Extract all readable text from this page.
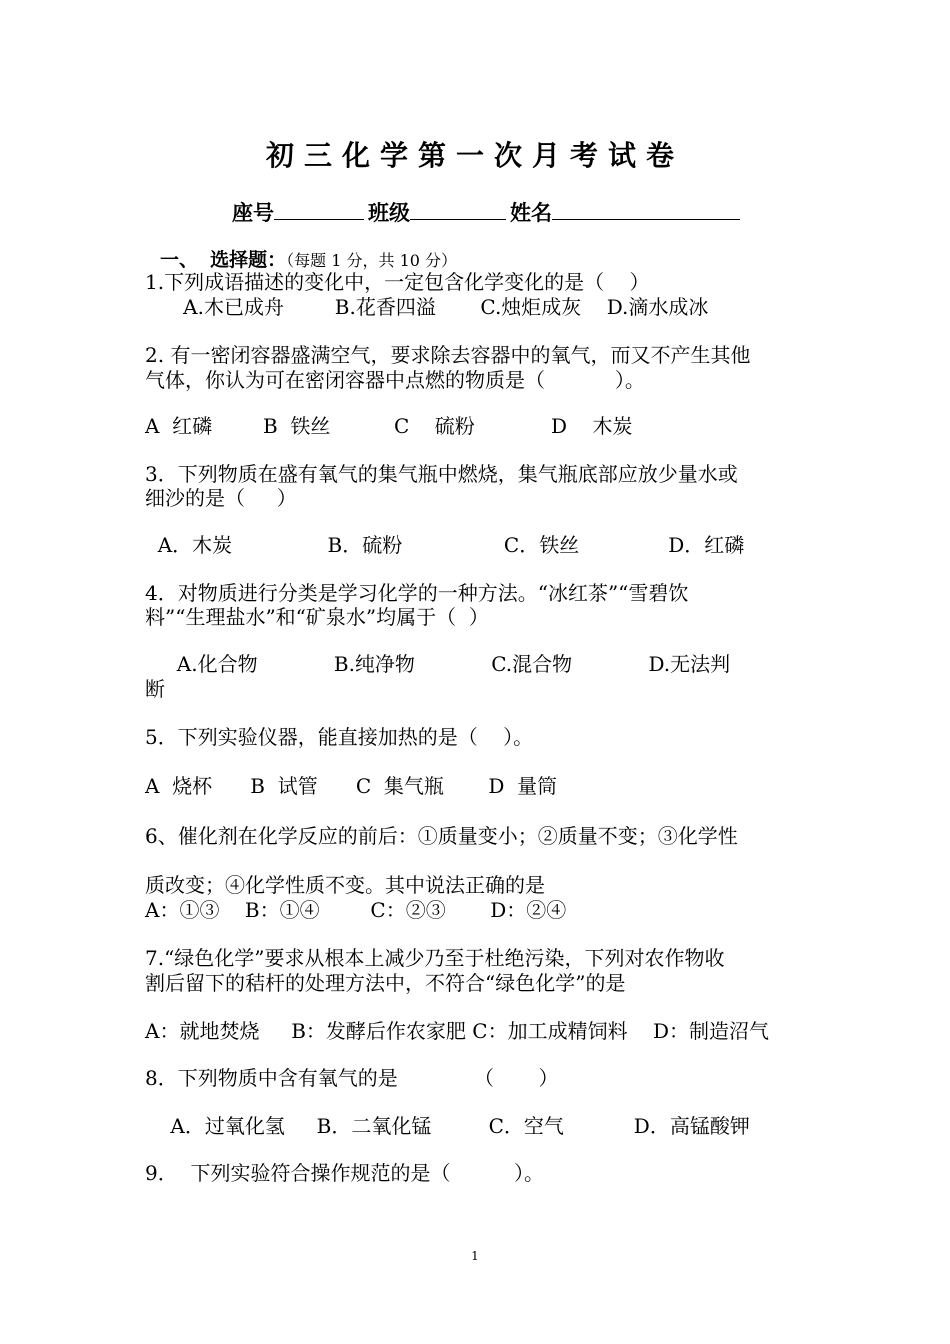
初三化学第一次月考试卷
座号	班级	姓名
一、 选择题：（每题 1 分，共 10 分）
1.下列成语描述的变化中，一定包含化学变化的是（    ）
A.木已成舟        B.花香四溢       C.烛炬成灰    D.滴水成冰
2. 有一密闭容器盛满空气，要求除去容器中的氧气，而又不产生其他
气体，你认为可在密闭容器中点燃的物质是（           ）。
A  红磷        B  铁丝          C    硫粉            D    木炭
3．下列物质在盛有氧气的集气瓶中燃烧，集气瓶底部应放少量水或
细沙的是（     ）
A．木炭               B．硫粉                C．铁丝              D．红磷
4．对物质进行分类是学习化学的一种方法。“冰红茶”“雪碧饮
料”“生理盐水”和“矿泉水”均属于（  ）
A.化合物            B.纯净物            C.混合物            D.无法判
断
5．下列实验仪器，能直接加热的是（    ）。
A  烧杯      B  试管      C  集气瓶       D  量筒
6、催化剂在化学反应的前后：①质量变小；②质量不变；③化学性
质改变；④化学性质不变。其中说法正确的是
A：①③    B：①④        C：②③       D：②④
7.“绿色化学”要求从根本上减少乃至于杜绝污染，下列对农作物收
割后留下的秸杆的处理方法中，不符合“绿色化学”的是
A：就地焚烧     B：发酵后作农家肥 C：加工成精饲料    D：制造沼气
8．下列物质中含有氧气的是            （       ）
A．过氧化氢     B．二氧化锰         C．空气           D．高锰酸钾
9．  下列实验符合操作规范的是（          ）。
1
